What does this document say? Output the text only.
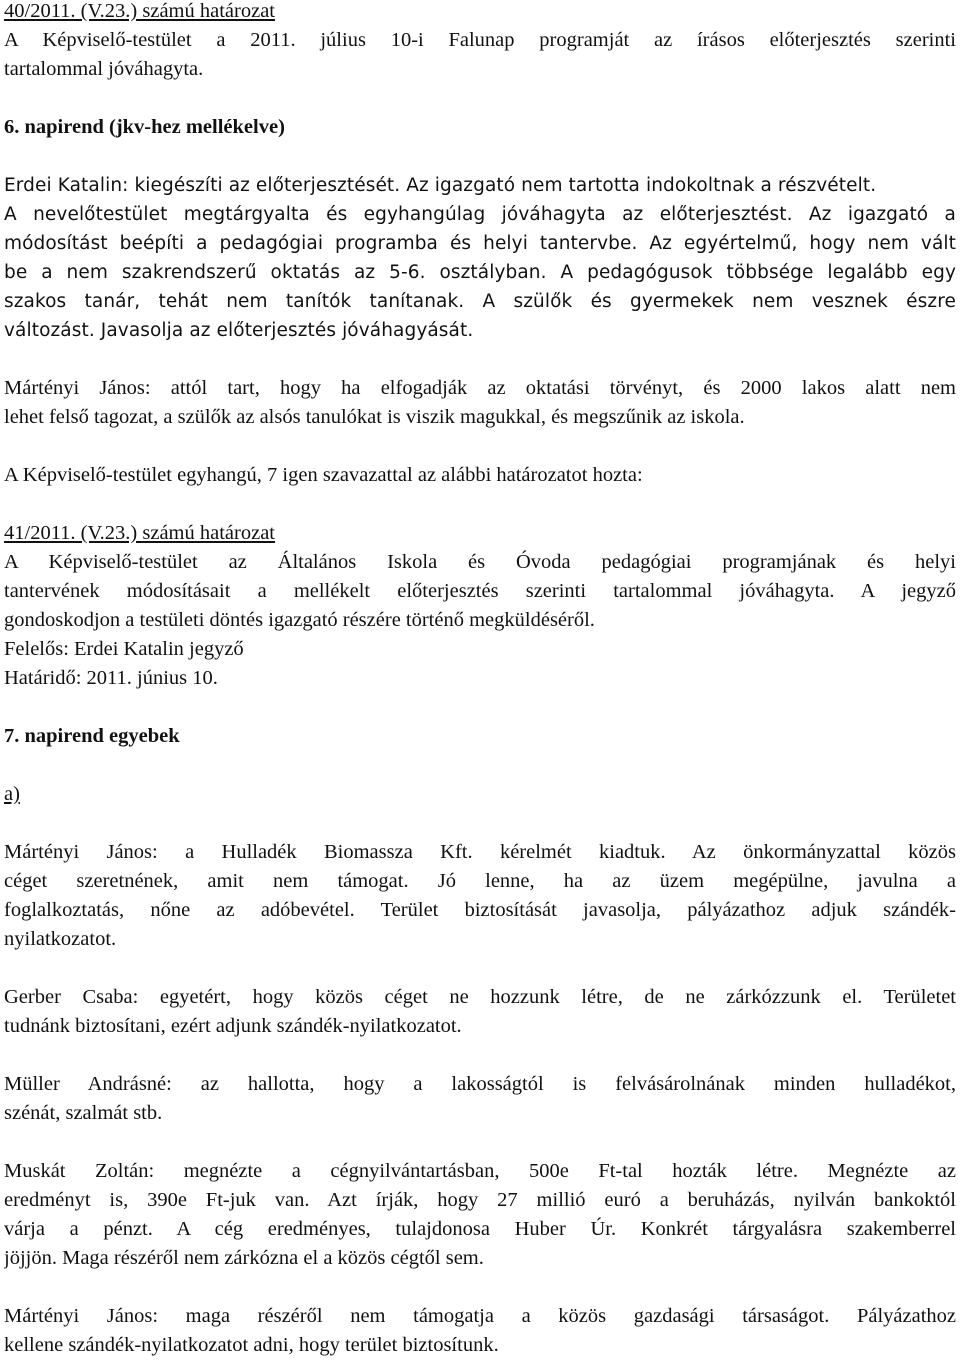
40/2011. (V.23.) számú határozat
A Képviselő-testület a 2011. július 10-i Falunap programját az írásos előterjesztés szerinti
tartalommal jóváhagyta.
6. napirend (jkv-hez mellékelve)
Erdei Katalin: kiegészíti az előterjesztését. Az igazgató nem tartotta indokoltnak a részvételt.
A nevelőtestület megtárgyalta és egyhangúlag jóváhagyta az előterjesztést. Az igazgató a
módosítást beépíti a pedagógiai programba és helyi tantervbe. Az egyértelmű, hogy nem vált
be a nem szakrendszerű oktatás az 5-6. osztályban. A pedagógusok többsége legalább egy
szakos tanár, tehát nem tanítók tanítanak. A szülők és gyermekek nem vesznek észre
változást. Javasolja az előterjesztés jóváhagyását.
Mártényi János: attól tart, hogy ha elfogadják az oktatási törvényt, és 2000 lakos alatt nem
lehet felső tagozat, a szülők az alsós tanulókat is viszik magukkal, és megszűnik az iskola.
A Képviselő-testület egyhangú, 7 igen szavazattal az alábbi határozatot hozta:
41/2011. (V.23.) számú határozat
A Képviselő-testület az Általános Iskola és Óvoda pedagógiai programjának és helyi
tantervének módosításait a mellékelt előterjesztés szerinti tartalommal jóváhagyta. A jegyző
gondoskodjon a testületi döntés igazgató részére történő megküldéséről.
Felelős: Erdei Katalin jegyző
Határidő: 2011. június 10.
7. napirend egyebek
a)
Mártényi János: a Hulladék Biomassza Kft. kérelmét kiadtuk. Az önkormányzattal közös
céget szeretnének, amit nem támogat. Jó lenne, ha az üzem megépülne, javulna a
foglalkoztatás, nőne az adóbevétel. Terület biztosítását javasolja, pályázathoz adjuk szándék-
nyilatkozatot.
Gerber Csaba: egyetért, hogy közös céget ne hozzunk létre, de ne zárkózzunk el. Területet
tudnánk biztosítani, ezért adjunk szándék-nyilatkozatot.
Müller Andrásné: az hallotta, hogy a lakosságtól is felvásárolnának minden hulladékot,
szénát, szalmát stb.
Muskát Zoltán: megnézte a cégnyilvántartásban, 500e Ft-tal hozták létre. Megnézte az
eredményt is, 390e Ft-juk van. Azt írják, hogy 27 millió euró a beruházás, nyilván bankoktól
várja a pénzt. A cég eredményes, tulajdonosa Huber Úr. Konkrét tárgyalásra szakemberrel
jöjjön. Maga részéről nem zárkózna el a közös cégtől sem.
Mártényi János: maga részéről nem támogatja a közös gazdasági társaságot. Pályázathoz
kellene szándék-nyilatkozatot adni, hogy terület biztosítunk.
